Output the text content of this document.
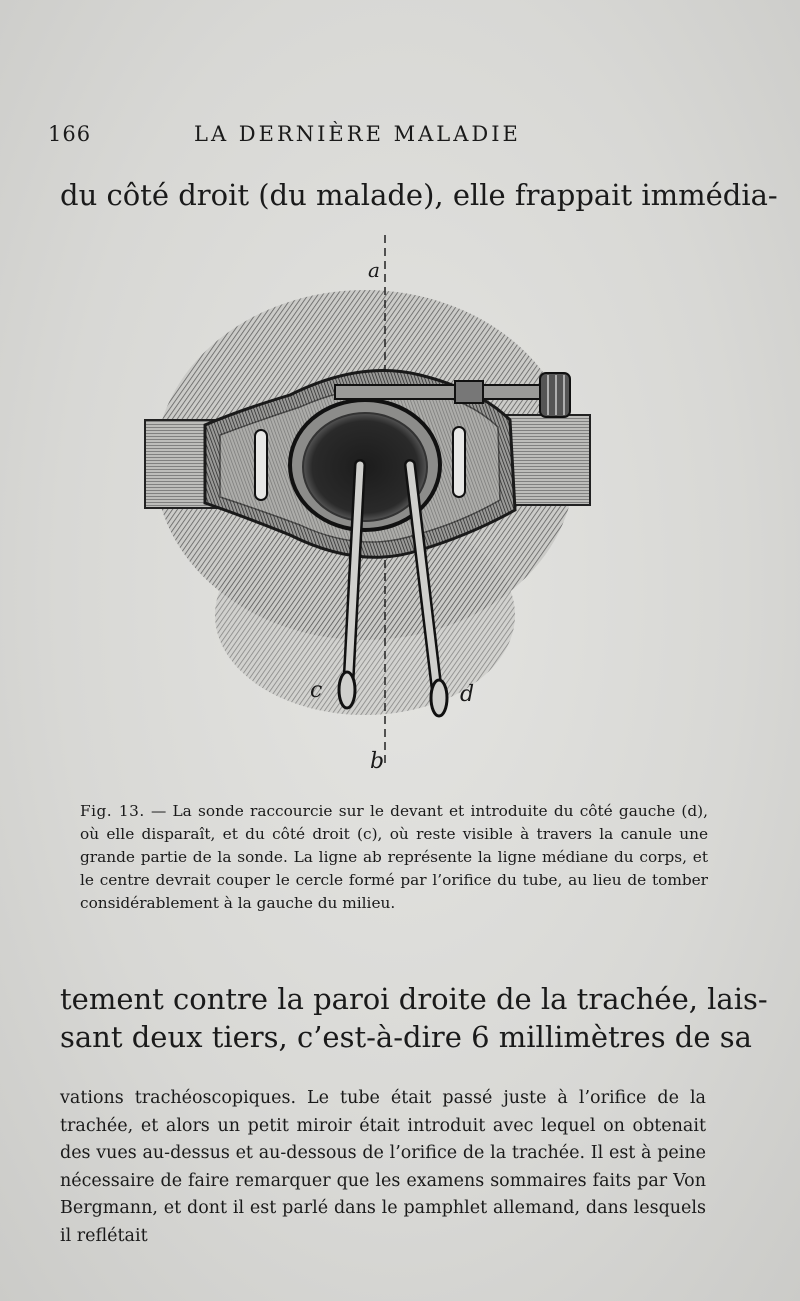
166	LA DERNIÈRE MALADIE
du côté droit (du malade), elle frappait immédia-
a
b
c	d

Fig. 13. — La sonde raccourcie sur le devant et introduite du côté gauche (d), où elle disparaît, et du côté droit (c), où reste visible à travers la canule une grande partie de la sonde. La ligne ab représente la ligne médiane du corps, et le centre devrait couper le cercle formé par l’orifice du tube, au lieu de tomber considérablement à la gauche du milieu.

tement contre la paroi droite de la trachée, lais-
sant deux tiers, c’est-à-dire 6 millimètres de sa

vations trachéoscopiques. Le tube était passé juste à l’orifice de la trachée, et alors un petit miroir était introduit avec lequel on obtenait des vues au-dessus et au-dessous de l’orifice de la trachée. Il est à peine nécessaire de faire remarquer que les examens sommaires faits par Von Bergmann, et dont il est parlé dans le pamphlet allemand, dans lesquels il reflétait
